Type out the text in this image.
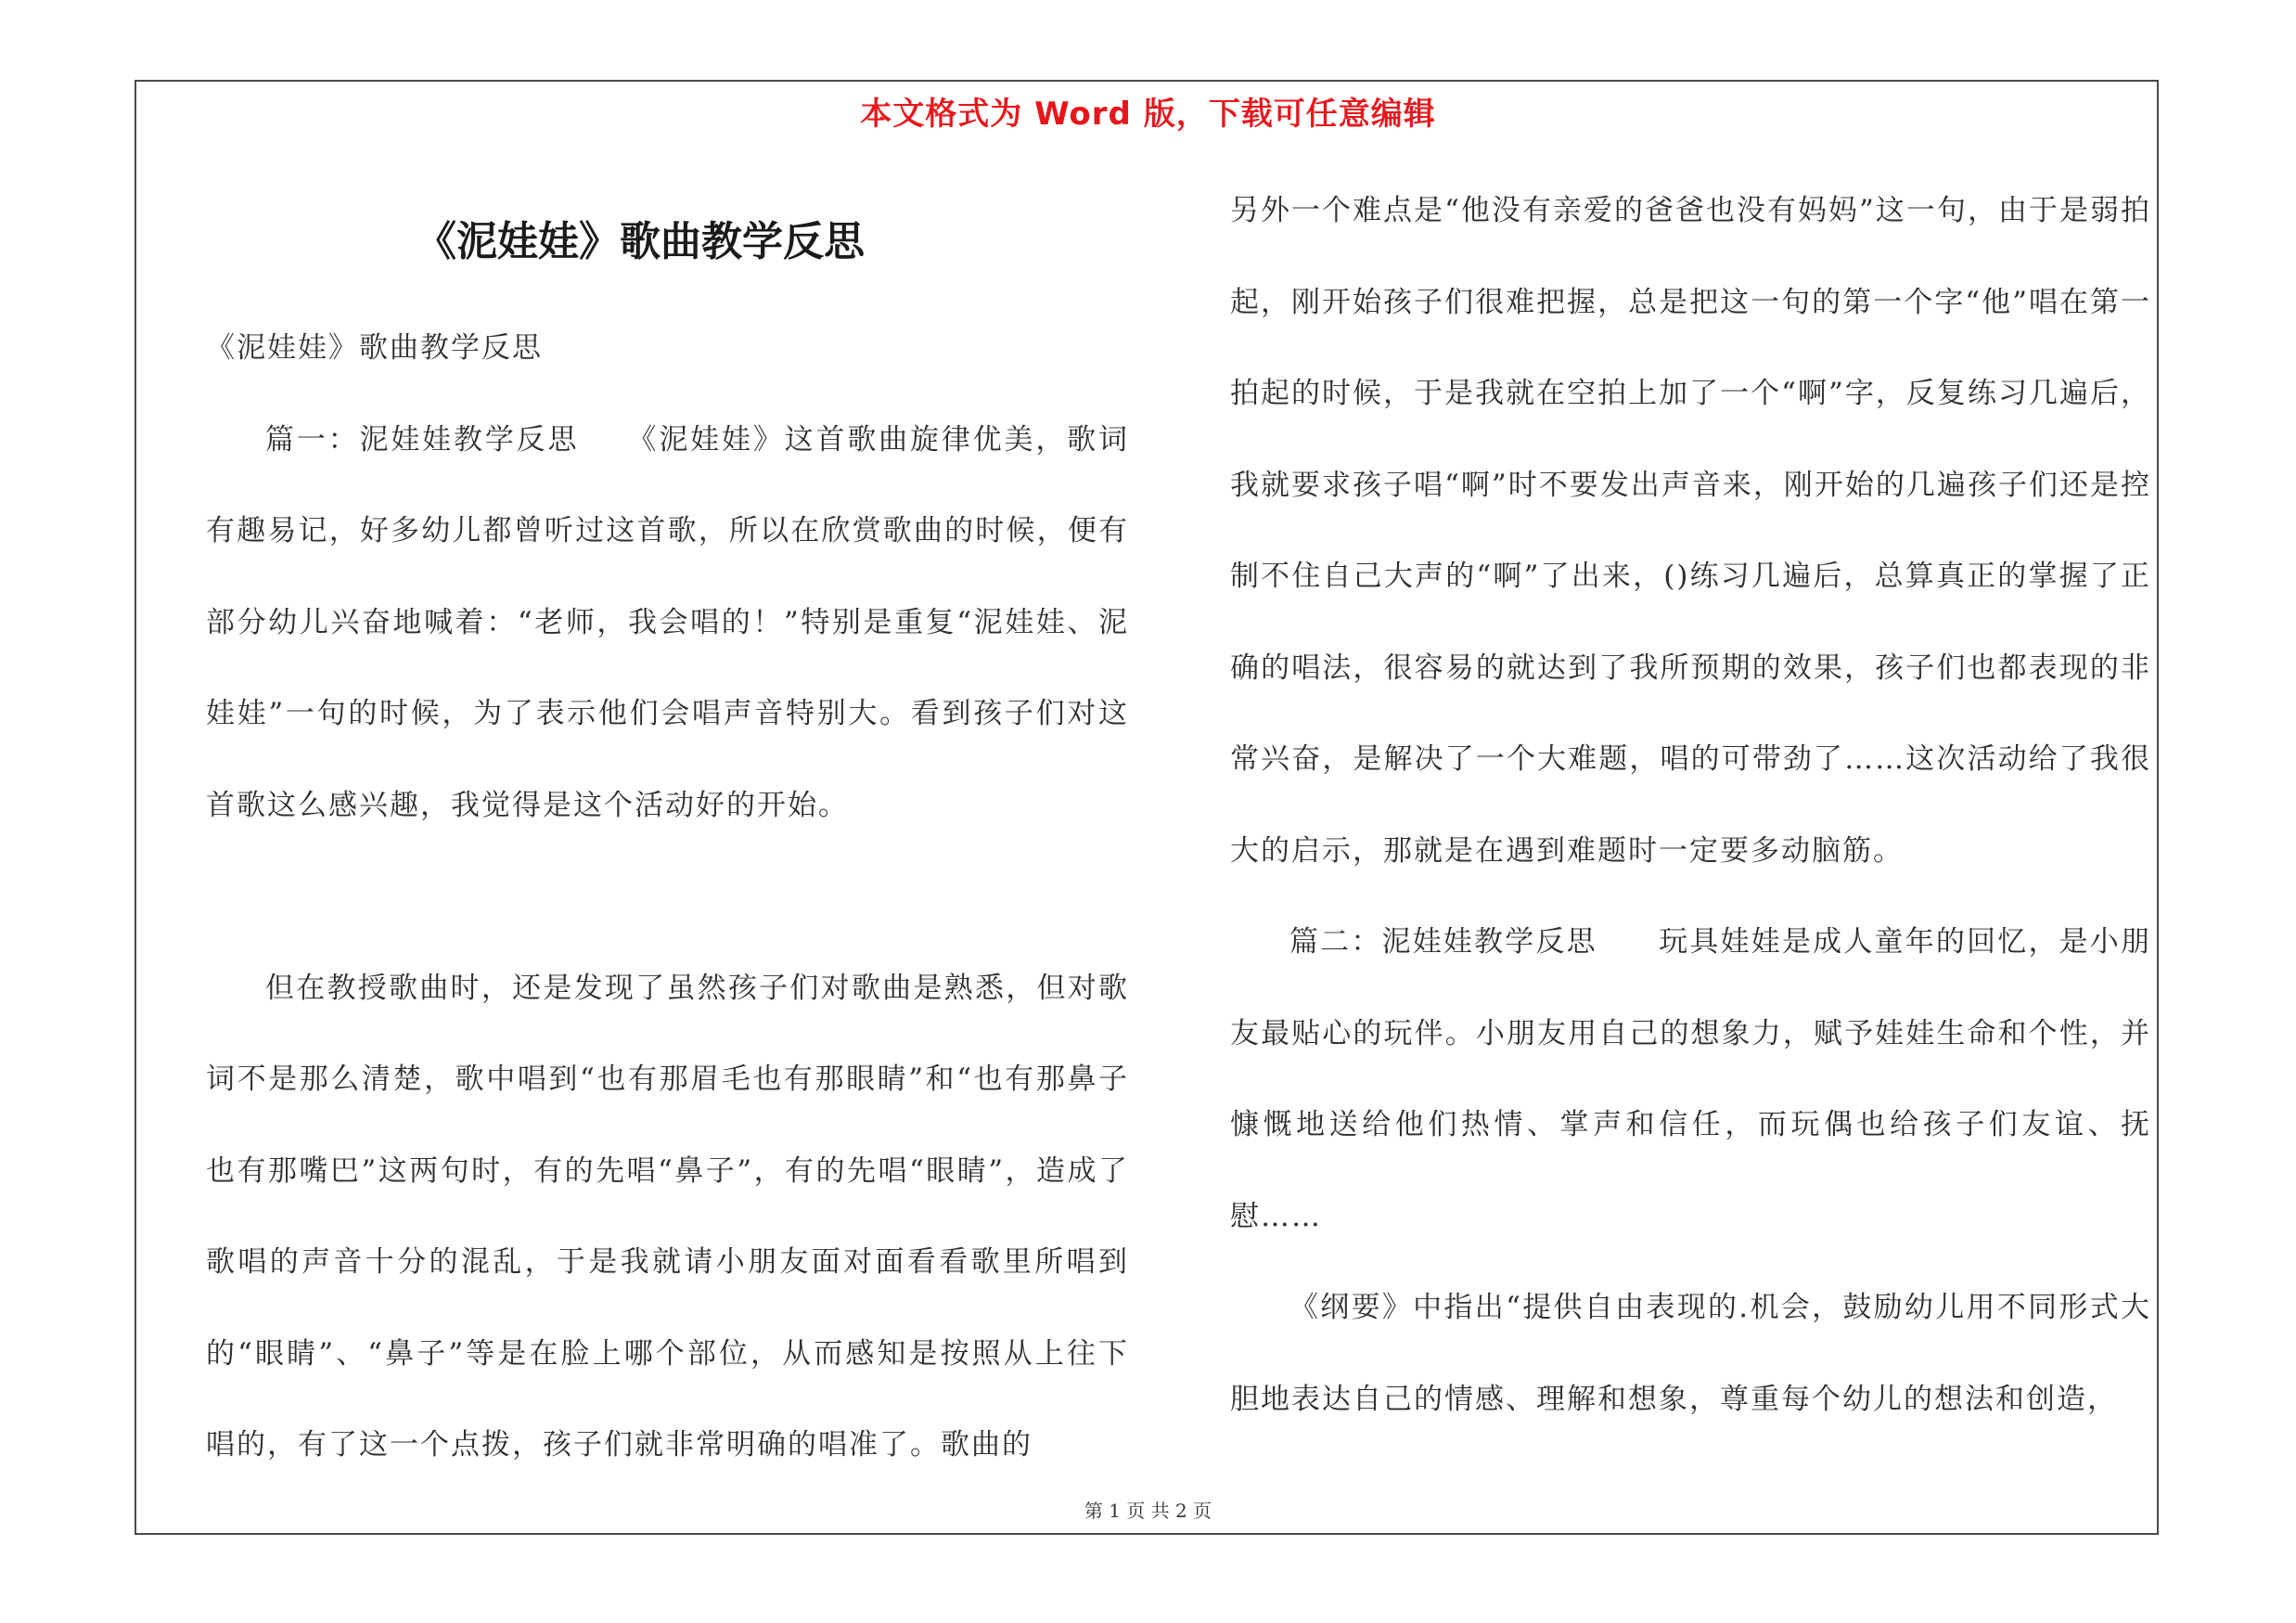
本文格式为 Word 版，下载可任意编辑
《泥娃娃》歌曲教学反思

《泥娃娃》歌曲教学反思

篇一：泥娃娃教学反思　　《泥娃娃》这首歌曲旋律优美，歌词有趣易记，好多幼儿都曾听过这首歌，所以在欣赏歌曲的时候，便有部分幼儿兴奋地喊着：“老师，我会唱的！”特别是重复“泥娃娃、泥娃娃”一句的时候，为了表示他们会唱声音特别大。看到孩子们对这首歌这么感兴趣，我觉得是这个活动好的开始。

但在教授歌曲时，还是发现了虽然孩子们对歌曲是熟悉，但对歌词不是那么清楚，歌中唱到“也有那眉毛也有那眼睛”和“也有那鼻子也有那嘴巴”这两句时，有的先唱“鼻子”，有的先唱“眼睛”，造成了歌唱的声音十分的混乱，于是我就请小朋友面对面看看歌里所唱到的“眼睛”、“鼻子”等是在脸上哪个部位，从而感知是按照从上往下唱的，有了这一个点拨，孩子们就非常明确的唱准了。歌曲的

另外一个难点是“他没有亲爱的爸爸也没有妈妈”这一句，由于是弱拍起，刚开始孩子们很难把握，总是把这一句的第一个字“他”唱在第一拍起的时候，于是我就在空拍上加了一个“啊”字，反复练习几遍后，我就要求孩子唱“啊”时不要发出声音来，刚开始的几遍孩子们还是控制不住自己大声的“啊”了出来，()练习几遍后，总算真正的掌握了正确的唱法，很容易的就达到了我所预期的效果，孩子们也都表现的非常兴奋，是解决了一个大难题，唱的可带劲了……这次活动给了我很大的启示，那就是在遇到难题时一定要多动脑筋。

篇二：泥娃娃教学反思　　玩具娃娃是成人童年的回忆，是小朋友最贴心的玩伴。小朋友用自己的想象力，赋予娃娃生命和个性，并慷慨地送给他们热情、掌声和信任，而玩偶也给孩子们友谊、抚慰……

《纲要》中指出“提供自由表现的.机会，鼓励幼儿用不同形式大胆地表达自己的情感、理解和想象，尊重每个幼儿的想法和创造，

第 1 页 共 2 页
